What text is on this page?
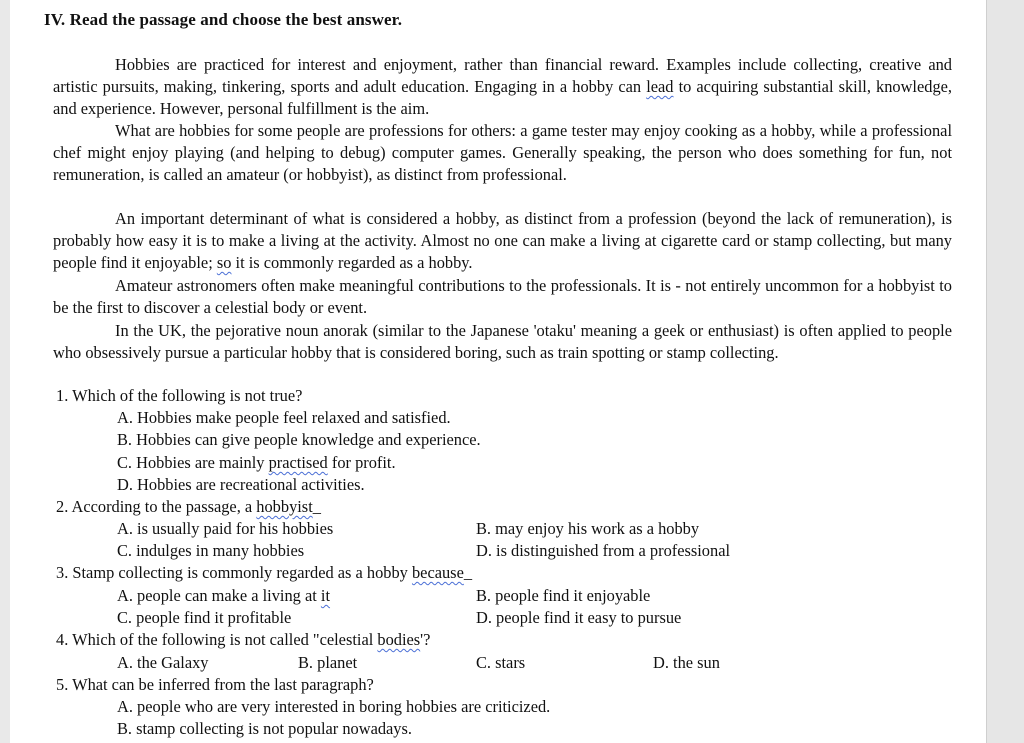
IV. Read the passage and choose the best answer.
Hobbies are practiced for interest and enjoyment, rather than financial reward. Examples include collecting, creative and artistic pursuits, making, tinkering, sports and adult education. Engaging in a hobby can lead to acquiring substantial skill, knowledge, and experience. However, personal fulfillment is the aim.
What are hobbies for some people are professions for others: a game tester may enjoy cooking as a hobby, while a professional chef might enjoy playing (and helping to debug) computer games. Generally speaking, the person who does something for fun, not remuneration, is called an amateur (or hobbyist), as distinct from professional.
An important determinant of what is considered a hobby, as distinct from a profession (beyond the lack of remuneration), is probably how easy it is to make a living at the activity. Almost no one can make a living at cigarette card or stamp collecting, but many people find it enjoyable; so it is commonly regarded as a hobby.
Amateur astronomers often make meaningful contributions to the professionals. It is - not entirely uncommon for a hobbyist to be the first to discover a celestial body or event.
In the UK, the pejorative noun anorak (similar to the Japanese 'otaku' meaning a geek or enthusiast) is often applied to people who obsessively pursue a particular hobby that is considered boring, such as train spotting or stamp collecting.
1. Which of the following is not true?
A. Hobbies make people feel relaxed and satisfied.
B. Hobbies can give people knowledge and experience.
C. Hobbies are mainly practised for profit.
D. Hobbies are recreational activities.
2. According to the passage, a hobbyist_
A. is usually paid for his hobbies	B. may enjoy his work as a hobby
C. indulges in many hobbies	D. is distinguished from a professional
3. Stamp collecting is commonly regarded as a hobby because_
A. people can make a living at it	B. people find it enjoyable
C. people find it profitable	D. people find it easy to pursue
4. Which of the following is not called "celestial bodies'?
A. the Galaxy	B. planet	C. stars	D. the sun
5. What can be inferred from the last paragraph?
A. people who are very interested in boring hobbies are criticized.
B. stamp collecting is not popular nowadays.
